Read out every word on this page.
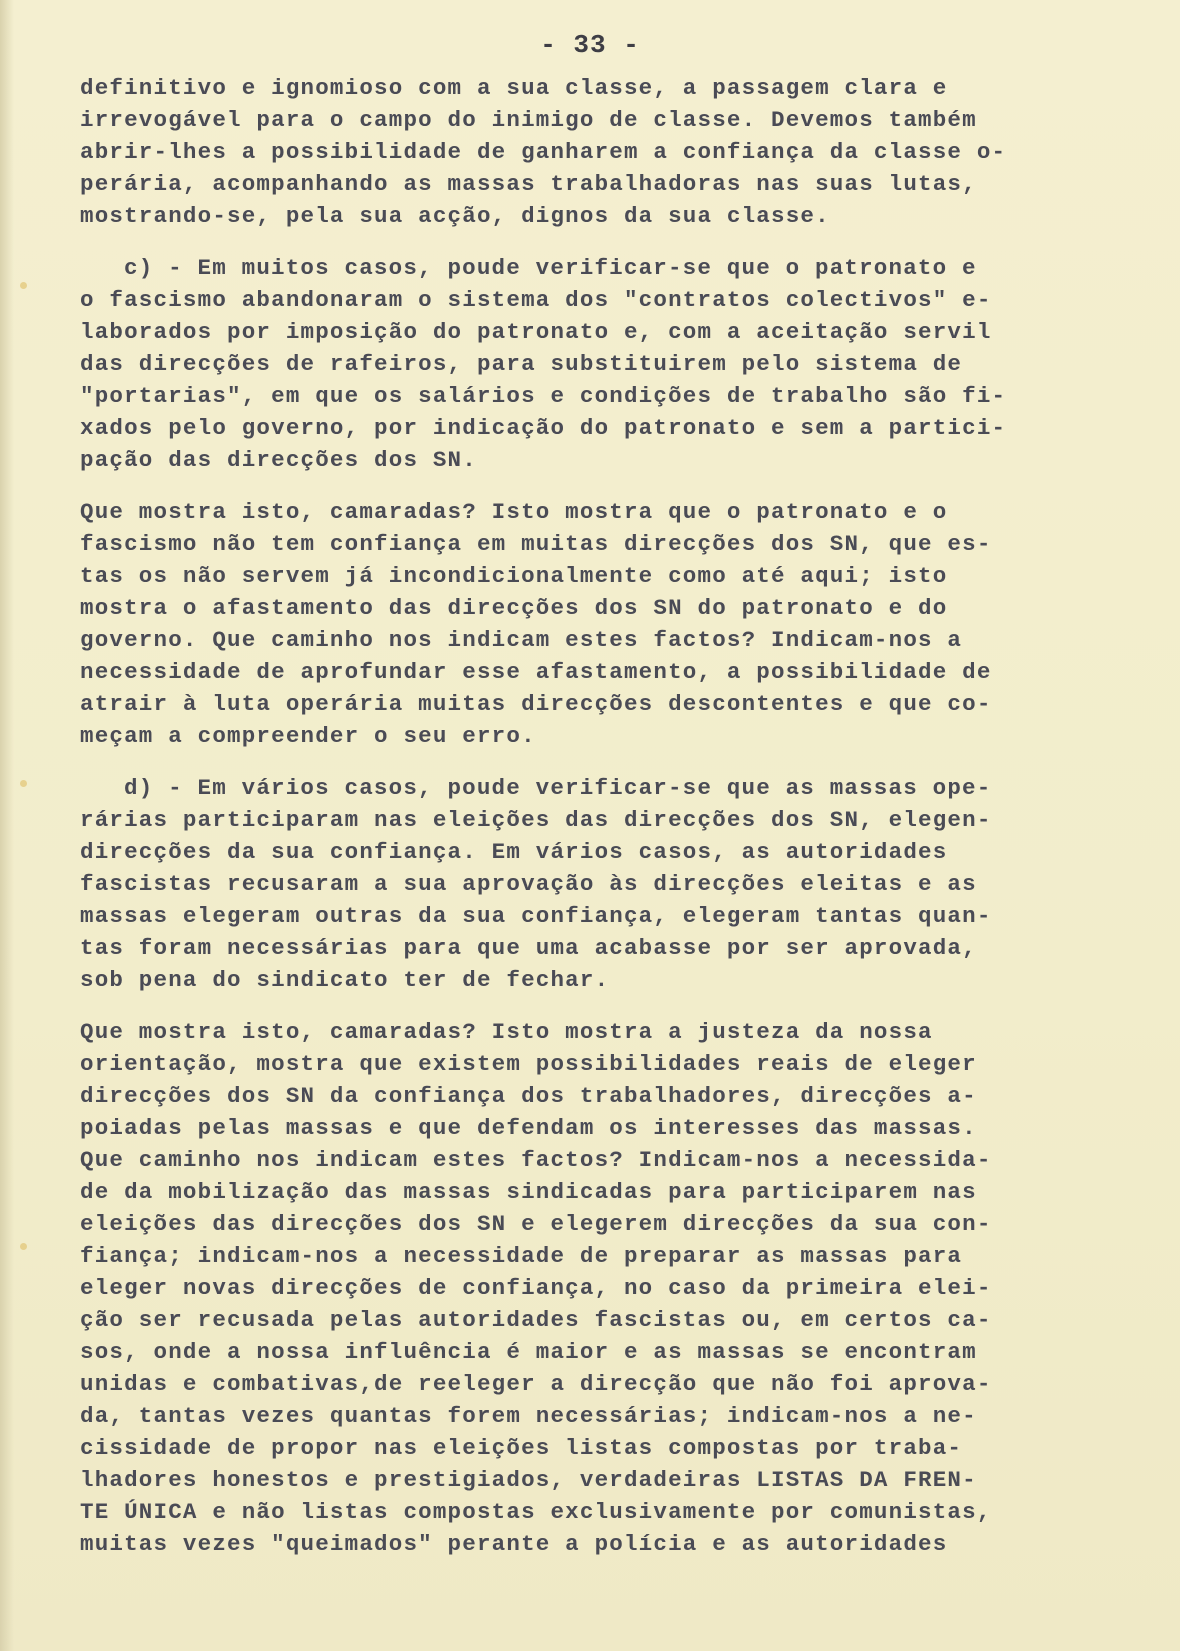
- 33 -
definitivo e ignomioso com a sua classe, a passagem clara e
irrevogável para o campo do inimigo de classe. Devemos também
abrir-lhes a possibilidade de ganharem a confiança da classe o-
perária, acompanhando as massas trabalhadoras nas suas lutas,
mostrando-se, pela sua acção, dignos da sua classe.
c) - Em muitos casos, poude verificar-se que o patronato e
o fascismo abandonaram o sistema dos "contratos colectivos" e-
laborados por imposição do patronato e, com a aceitação servil
das direcções de rafeiros, para substituirem pelo sistema de
"portarias", em que os salários e condições de trabalho são fi-
xados pelo governo, por indicação do patronato e sem a partici-
pação das direcções dos SN.
Que mostra isto, camaradas? Isto mostra que o patronato e o
fascismo não tem confiança em muitas direcções dos SN, que es-
tas os não servem já incondicionalmente como até aqui; isto
mostra o afastamento das direcções dos SN do patronato e do
governo. Que caminho nos indicam estes factos? Indicam-nos a
necessidade de aprofundar esse afastamento, a possibilidade de
atrair à luta operária muitas direcções descontentes e que co-
meçam a compreender o seu erro.
d) - Em vários casos, poude verificar-se que as massas ope-
rárias participaram nas eleições das direcções dos SN, elegen-
direcções da sua confiança. Em vários casos, as autoridades
fascistas recusaram a sua aprovação às direcções eleitas e as
massas elegeram outras da sua confiança, elegeram tantas quan-
tas foram necessárias para que uma acabasse por ser aprovada,
sob pena do sindicato ter de fechar.
Que mostra isto, camaradas? Isto mostra a justeza da nossa
orientação, mostra que existem possibilidades reais de eleger
direcções dos SN da confiança dos trabalhadores, direcções a-
poiadas pelas massas e que defendam os interesses das massas.
Que caminho nos indicam estes factos? Indicam-nos a necessida-
de da mobilização das massas sindicadas para participarem nas
eleições das direcções dos SN e elegerem direcções da sua con-
fiança; indicam-nos a necessidade de preparar as massas para
eleger novas direcções de confiança, no caso da primeira elei-
ção ser recusada pelas autoridades fascistas ou, em certos ca-
sos, onde a nossa influência é maior e as massas se encontram
unidas e combativas,de reeleger a direcção que não foi aprova-
da, tantas vezes quantas forem necessárias; indicam-nos a ne-
cissidade de propor nas eleições listas compostas por traba-
lhadores honestos e prestigiados, verdadeiras LISTAS DA FREN-
TE ÚNICA e não listas compostas exclusivamente por comunistas,
muitas vezes "queimados" perante a polícia e as autoridades
